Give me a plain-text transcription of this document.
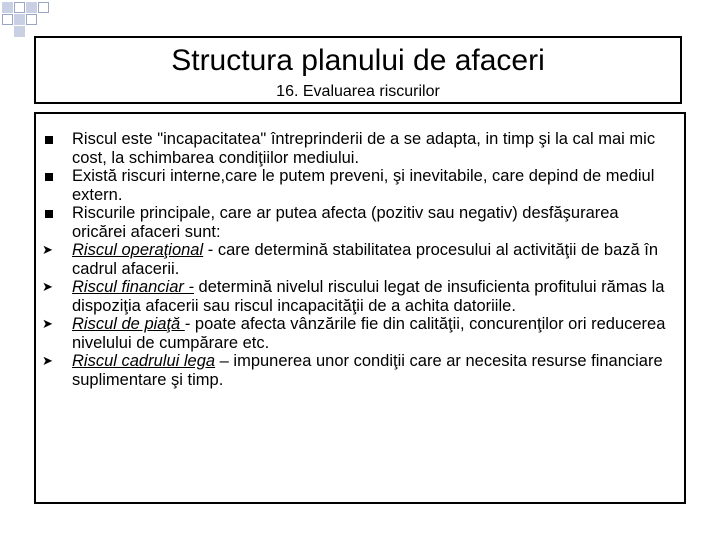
Structura planului de afaceri
16. Evaluarea riscurilor
Riscul este "incapacitatea" întreprinderii de a se adapta, in timp şi la cal mai mic cost, la schimbarea condiţiilor mediului.
Există riscuri interne,care le putem preveni, şi inevitabile, care depind de mediul extern.
Riscurile principale, care ar putea afecta (pozitiv sau negativ) desfăşurarea oricărei afaceri sunt:
➤ Riscul operaţional - care determină stabilitatea procesului al activităţii de bază în cadrul afacerii.
➤ Riscul financiar - determină nivelul riscului legat de insuficienta profitului rămas la dispoziţia afacerii sau riscul incapacităţii de a achita datoriile.
➤ Riscul de piaţă - poate afecta vânzările fie din calităţii, concurenţilor ori reducerea nivelului de cumpărare etc.
➤ Riscul cadrului lega – impunerea unor condiţii care ar necesita resurse financiare suplimentare şi timp.
